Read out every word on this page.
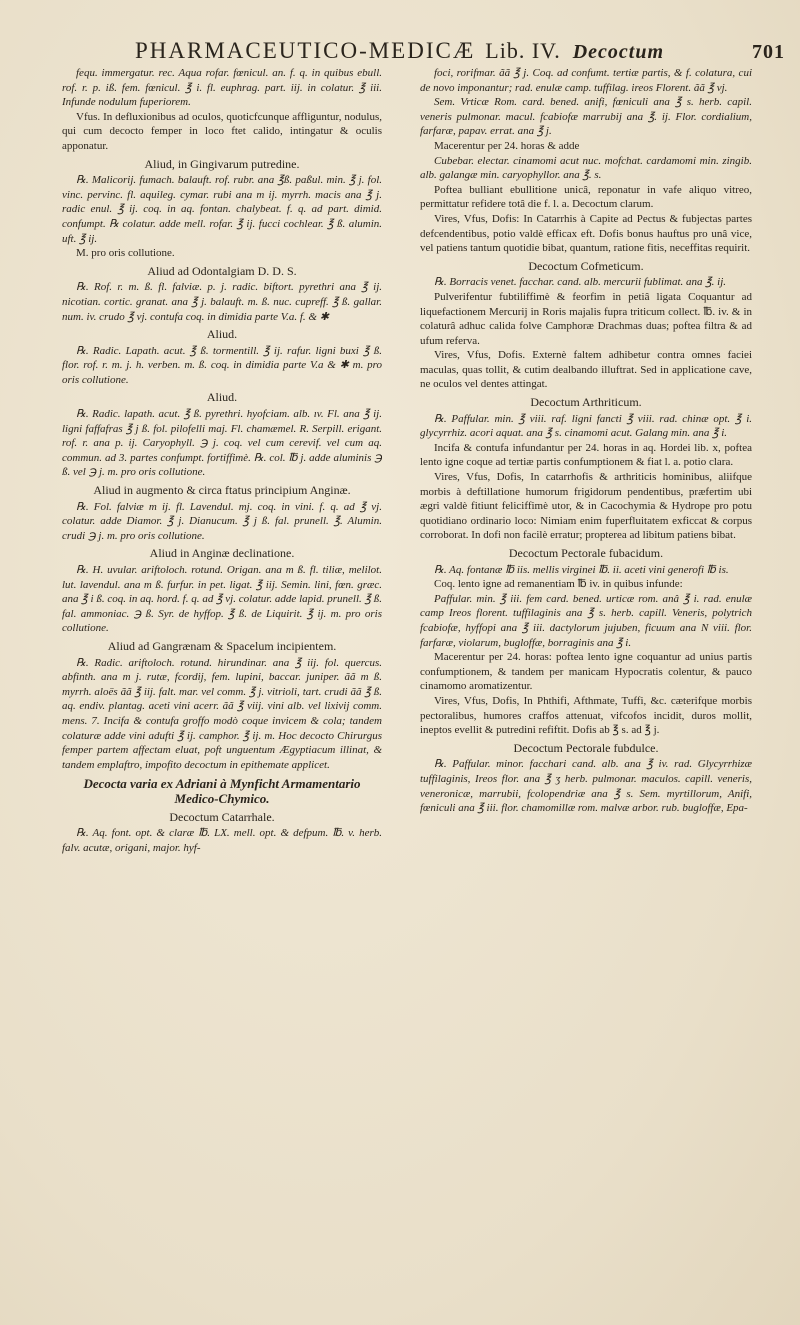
PHARMACEUTICO-MEDICÆ Lib. IV. Decoctum	701

fequ. immergatur. rec. Aqua rofar. fœnicul. an. f. q. in quibus ebull. rof. r. p. iß. fem. fœnicul. ℥ i. fl. euphrag. part. iij. in colatur. ℥ iii. Infunde nodulum fuperiorem.

Vfus. In defluxionibus ad oculos, quoticfcunque affliguntur, nodulus, qui cum decocto femper in loco ftet calido, intingatur & oculis apponatur.

Aliud, in Gingivarum putredine.

℞. Malicorij. fumach. balauft. rof. rubr. ana ℥ß. paßul. min. ℥ j. fol. vinc. pervinc. fl. aquileg. cymar. rubi ana m ij. myrrh. macis ana ℥ j. radic enul. ℥ ij. coq. in aq. fontan. chalybeat. f. q. ad part. dimid. confumpt. ℞ colatur. adde mell. rofar. ℥ ij. fucci cochlear. ℥ ß. alumin. uft. ℥ ij.

M. pro oris collutione.

Aliud ad Odontalgiam D. D. S.

℞. Rof. r. m. ß. fl. falviæ. p. j. radic. biftort. pyrethri ana ℥ ij. nicotian. cortic. granat. ana ℥ j. balauft. m. ß. nuc. cupreff. ℥ ß. gallar. num. iv. crudo ℥ vj. contufa coq. in dimidia parte V.a. f. & ✱

Aliud.

℞. Radic. Lapath. acut. ℥ ß. tormentill. ℥ ij. rafur. ligni buxi ℥ ß. flor. rof. r. m. j. h. verben. m. ß. coq. in dimidia parte V.a & ✱ m. pro oris collutione.

Aliud.

℞. Radic. lapath. acut. ℥ ß. pyrethri. hyofciam. alb. ıv. Fl. ana ℥ ij. ligni faffafras ℥ j ß. fol. pilofelli maj. Fl. chamæmel. R. Serpill. erigant. rof. r. ana p. ij. Caryophyll. ℈ j. coq. vel cum cerevif. vel cum aq. commun. ad 3. partes confumpt. fortiffimè. ℞. col. ℔ j. adde aluminis ℈ ß. vel ℈ j. m. pro oris collutione.

Aliud in augmento & circa ftatus principium Anginæ.

℞. Fol. falviæ m ij. fl. Lavendul. mj. coq. in vini. f. q. ad ℥ vj. colatur. adde Diamor. ℥ j. Dianucum. ℥ j ß. fal. prunell. ℥. Alumin. crudi ℈ j. m. pro oris collutione.

Aliud in Anginæ declinatione.

℞. H. uvular. ariftoloch. rotund. Origan. ana m ß. fl. tiliæ, melilot. lut. lavendul. ana m ß. furfur. in pet. ligat. ℥ iij. Semin. lini, fœn. græc. ana ℥ i ß. coq. in aq. hord. f. q. ad ℥ vj. colatur. adde lapid. prunell. ℥ ß. fal. ammoniac. ℈ ß. Syr. de hyffop. ℥ ß. de Liquirit. ℥ ij. m. pro oris collutione.

Aliud ad Gangrænam & Spacelum incipientem.

℞. Radic. ariftoloch. rotund. hirundinar. ana ℥ iij. fol. quercus. abfinth. ana m j. rutæ, fcordij, fem. lupini, baccar. juniper. ãã m ß. myrrh. aloës ãã ℥ iij. falt. mar. vel comm. ℥ j. vitrioli, tart. crudi ãã ℥ ß. aq. endiv. plantag. aceti vini acerr. ãã ℥ viij. vini alb. vel lixivij comm. mens. 7. Incifa & contufa groffo modò coque invicem & cola; tandem colaturæ adde vini adufti ℥ ij. camphor. ℥ ij. m. Hoc decocto Chirurgus femper partem affectam eluat, poft unguentum Ægyptiacum illinat, & tandem emplaftro, impofito decoctum in epithemate applicet.

Decocta varia ex Adriani à Mynficht Armamentario Medico-Chymico.

Decoctum Catarrhale.

℞. Aq. font. opt. & claræ ℔. LX. mell. opt. & defpum. ℔. v. herb. falv. acutæ, origani, major. hyf-

foci, rorifmar. ãã ℥ j. Coq. ad confumt. tertiæ partis, & f. colatura, cui de novo imponantur; rad. enulæ camp. tuffilag. ireos Florent. ãã ℥ vj.

Sem. Vrticæ Rom. card. bened. anifi, fœniculi ana ℥ s. herb. capil. veneris pulmonar. macul. fcabiofæ marrubij ana ℥. ij. Flor. cordialium, farfaræ, papav. errat. ana ℥ j.

Macerentur per 24. horas & adde

Cubebar. electar. cinamomi acut nuc. mofchat. cardamomi min. zingib. alb. galangæ min. caryophyllor. ana ℥. s.

Poftea bulliant ebullitione unicâ, reponatur in vafe aliquo vitreo, permittatur refidere totâ die f. l. a. Decoctum clarum.

Vires, Vfus, Dofis: In Catarrhis à Capite ad Pectus & fubjectas partes defcendentibus, potio valdè efficax eft. Dofis bonus hauftus pro unâ vice, vel patiens tantum quotidie bibat, quantum, ratione fitis, neceffitas requirit.

Decoctum Cofmeticum.

℞. Borracis venet. facchar. cand. alb. mercurii fublimat. ana ℥. ij.

Pulverifentur fubtiliffimè & feorfim in petiâ ligata Coquantur ad liquefactionem Mercurij in Roris majalis fupra triticum collect. ℔. iv. & in colaturâ adhuc calida folve Camphoræ Drachmas duas; poftea filtra & ad ufum referva.

Vires, Vfus, Dofis. Externè faltem adhibetur contra omnes faciei maculas, quas tollit, & cutim dealbando illuftrat. Sed in applicatione cave, ne oculos vel dentes attingat.

Decoctum Arthriticum.

℞. Paffular. min. ℥ viii. raf. ligni fancti ℥ viii. rad. chinæ opt. ℥ i. glycyrrhiz. acori aquat. ana ℥ s. cinamomi acut. Galang min. ana ℥ i.

Incifa & contufa infundantur per 24. horas in aq. Hordei lib. x, poftea lento igne coque ad tertiæ partis confumptionem & fiat l. a. potio clara.

Vires, Vfus, Dofis, In catarrhofis & arthriticis hominibus, aliifque morbis à deftillatione humorum frigidorum pendentibus, præfertim ubi ægri valdè fitiunt feliciffimè utor, & in Cacochymia & Hydrope pro potu quotidiano ordinario loco: Nimiam enim fuperfluitatem exficcat & corpus corroborat. In dofi non facilè erratur; propterea ad libitum patiens bibat.

Decoctum Pectorale fubacidum.

℞. Aq. fontanæ ℔ iis. mellis virginei ℔. ii. aceti vini generofi ℔ is.

Coq. lento igne ad remanentiam ℔ iv. in quibus infunde:

Paffular. min. ℥ iii. fem card. bened. urticæ rom. anâ ℥ i. rad. enulæ camp Ireos florent. tuffilaginis ana ℥ s. herb. capill. Veneris, polytrich fcabiofæ, hyffopi ana ℥ iii. dactylorum jujuben, ficuum ana N viii. flor. farfaræ, violarum, bugloffæ, borraginis ana ℥ i.

Macerentur per 24. horas: poftea lento igne coquantur ad unius partis confumptionem, & tandem per manicam Hypocratis colentur, & pauco cinamomo aromatizentur.

Vires, Vfus, Dofis, In Phthifi, Afthmate, Tuffi, &c. cæterifque morbis pectoralibus, humores craffos attenuat, vifcofos incidit, duros mollit, ineptos evellit & putredini refiftit. Dofis ab ℥ s. ad ℥ j.

Decoctum Pectorale fubdulce.

℞. Paffular. minor. facchari cand. alb. ana ℥ iv. rad. Glycyrrhizæ tuffilaginis, Ireos flor. ana ℥ ʒ herb. pulmonar. maculos. capill. veneris, veneronicæ, marrubii, fcolopendriæ ana ℥ s. Sem. myrtillorum, Anifi, fœniculi ana ℥ iii. flor. chamomillæ rom. malvæ arbor. rub. bugloffæ, Epa-
